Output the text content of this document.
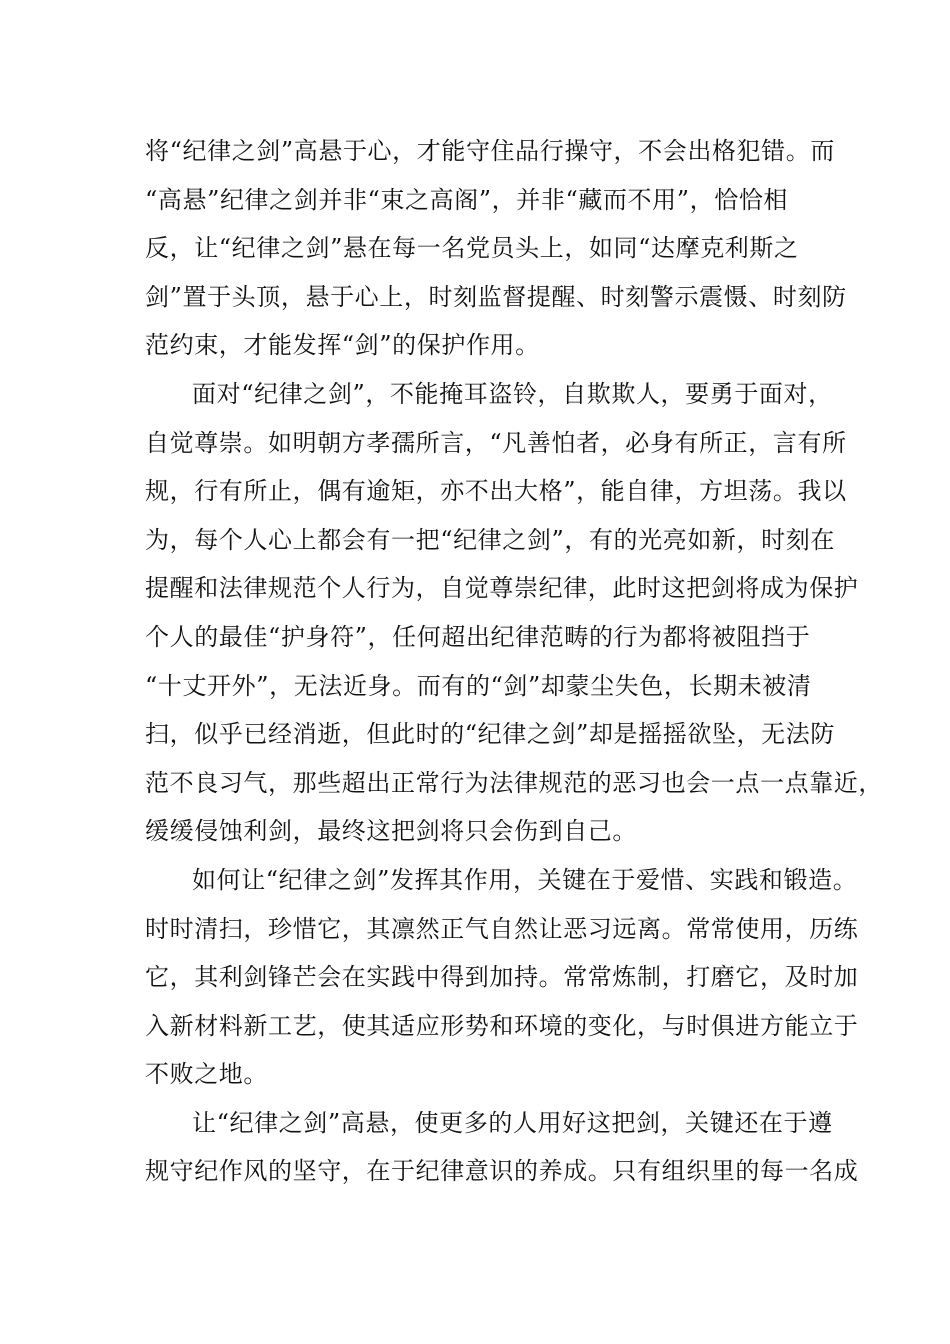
将“纪律之剑”高悬于心，才能守住品行操守，不会出格犯错。而
“高悬”纪律之剑并非“束之高阁”，并非“藏而不用”，恰恰相
反，让“纪律之剑”悬在每一名党员头上，如同“达摩克利斯之
剑”置于头顶，悬于心上，时刻监督提醒、时刻警示震慑、时刻防
范约束，才能发挥“剑”的保护作用。
面对“纪律之剑”，不能掩耳盗铃，自欺欺人，要勇于面对，
自觉尊崇。如明朝方孝孺所言，“凡善怕者，必身有所正，言有所
规，行有所止，偶有逾矩，亦不出大格”，能自律，方坦荡。我以
为，每个人心上都会有一把“纪律之剑”，有的光亮如新，时刻在
提醒和法律规范个人行为，自觉尊崇纪律，此时这把剑将成为保护
个人的最佳“护身符”，任何超出纪律范畴的行为都将被阻挡于
“十丈开外”，无法近身。而有的“剑”却蒙尘失色，长期未被清
扫，似乎已经消逝，但此时的“纪律之剑”却是摇摇欲坠，无法防
范不良习气，那些超出正常行为法律规范的恶习也会一点一点靠近，
缓缓侵蚀利剑，最终这把剑将只会伤到自己。
如何让“纪律之剑”发挥其作用，关键在于爱惜、实践和锻造。
时时清扫，珍惜它，其凛然正气自然让恶习远离。常常使用，历练
它，其利剑锋芒会在实践中得到加持。常常炼制，打磨它，及时加
入新材料新工艺，使其适应形势和环境的变化，与时俱进方能立于
不败之地。
让“纪律之剑”高悬，使更多的人用好这把剑，关键还在于遵
规守纪作风的坚守，在于纪律意识的养成。只有组织里的每一名成
